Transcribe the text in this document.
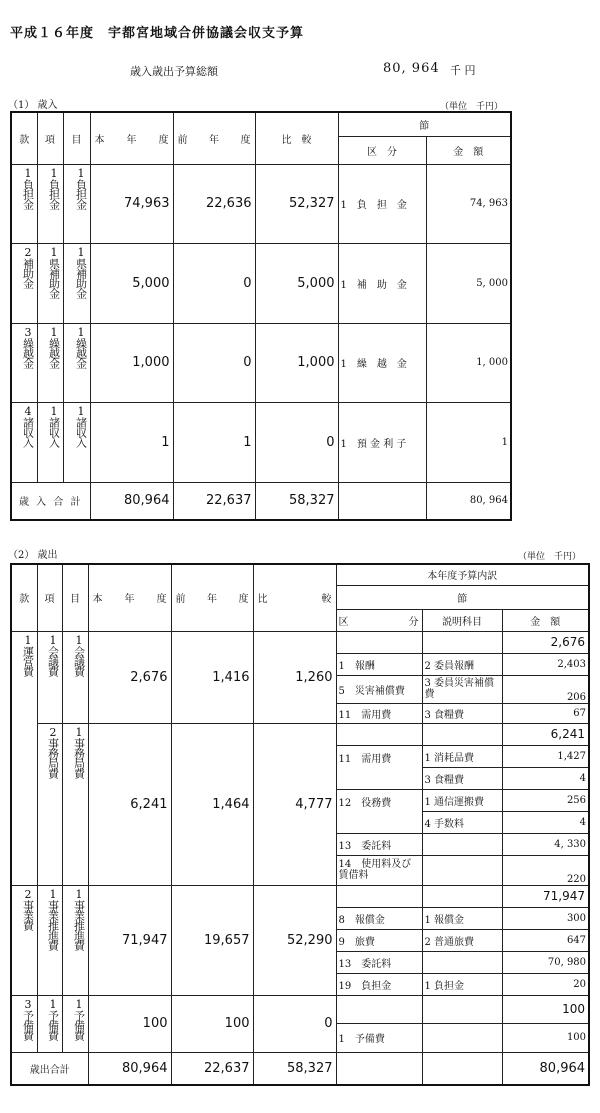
平成１６年度　宇都宮地域合併協議会収支予算
歳入歳出予算総額	80, 964 千 円
（1） 歳入	（単位　千円）
款	項	目	本　年　度	前　年　度	比　較	節	
						区　分	金　額
1負担金	1負担金	1負担金	74,963	22,636	52,327	1　負　担　金	74, 963
2補助金	1県補助金	1県補助金	5,000	0	5,000	1　補　助　金	5, 000
3繰越金	1繰越金	1繰越金	1,000	0	1,000	1　繰　越　金	1, 000
4諸収入	1諸収入	1諸収入	1	1	0	1　預 金 利 子	1
歳 入 合 計			80,964	22,637	58,327		80, 964
（2） 歳出	（単位　千円）
款	項	目	本　年　度	前　年　度	比　較	本年度予算内訳		
						節		
						区 分	説明科目	金　額
1運営費	1会議費	1会議費	2,676	1,416	1,260			2,676
						1　報酬	2 委員報酬	2,403
						5　災害補償費	3 委員災害補償費	206
						11　需用費	3 食糧費	67

	2事務局費	1事務局費	6,241	1,464	4,777			6,241
						11　需用費	1 消耗品費	1,427
							3 食糧費	4
						12　役務費	1 通信運搬費	256
							4 手数料	4
						13　委託料		4, 330
						14　使用料及び賃借料		220
2事業費	1事業推進費	1事業推進費	71,947	19,657	52,290			71,947
						8　報償金	1 報償金	300
						9　旅費	2 普通旅費	647
						13　委託料		70, 980
						19　負担金	1 負担金	20
3予備費	1予備費	1予備費	100	100	0			100
						1　予備費		100
歳出合計			80,964	22,637	58,327			80,964
